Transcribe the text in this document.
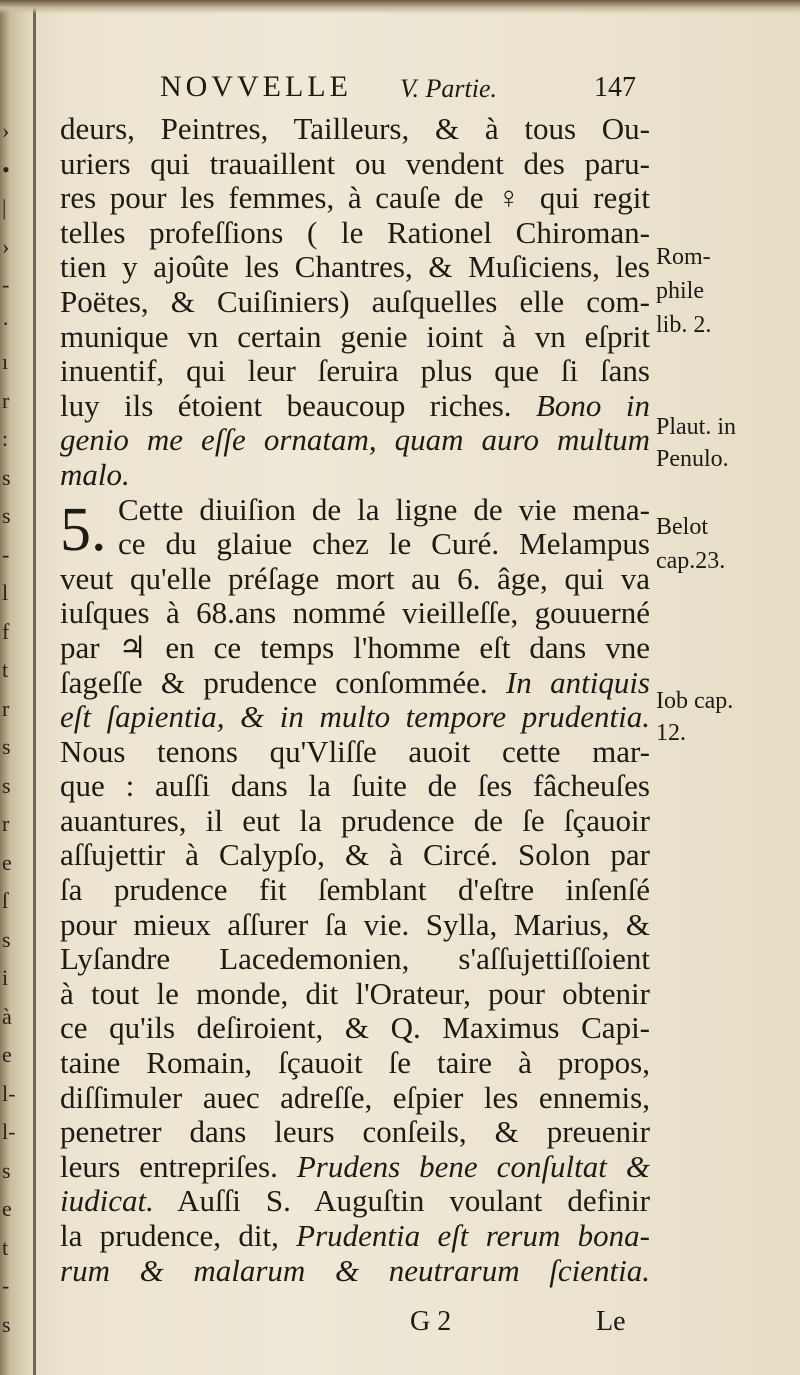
›
•
|
›
-
·
ı
r
:
s
s
-
l
f
t
r
s
s
r
e
ſ
s
i
à
e
l-
l-
s
e
t
-
s
NOVVELLE V. Partie.	147
deurs, Peintres, Tailleurs, & à tous Ou-
uriers qui trauaillent ou vendent des paru-
res pour les femmes, à cauſe de ♀ qui regit
telles profeſſions ( le Rationel Chiroman-
tien y ajoûte les Chantres, & Muſiciens, les
Poëtes, & Cuiſiniers) auſquelles elle com-
munique vn certain genie ioint à vn eſprit
inuentif, qui leur ſeruira plus que ſi ſans
luy ils étoient beaucoup riches. Bono in
genio me eſſe ornatam, quam auro multum
malo.
5. Cette diuiſion de la ligne de vie mena-
ce du glaiue chez le Curé. Melampus
veut qu'elle préſage mort au 6. âge, qui va
iuſques à 68.ans nommé vieilleſſe, gouuerné
par ♃ en ce temps l'homme eſt dans vne
ſageſſe & prudence conſommée. In antiquis
eſt ſapientia, & in multo tempore prudentia.
Nous tenons qu'Vliſſe auoit cette mar-
que : auſſi dans la ſuite de ſes fâcheuſes
auantures, il eut la prudence de ſe ſçauoir
aſſujettir à Calypſo, & à Circé. Solon par
ſa prudence fit ſemblant d'eſtre inſenſé
pour mieux aſſurer ſa vie. Sylla, Marius, &
Lyſandre Lacedemonien, s'aſſujettiſſoient
à tout le monde, dit l'Orateur, pour obtenir
ce qu'ils deſiroient, & Q. Maximus Capi-
taine Romain, ſçauoit ſe taire à propos,
diſſimuler auec adreſſe, eſpier les ennemis,
penetrer dans leurs conſeils, & preuenir
leurs entrepriſes. Prudens bene conſultat &
iudicat. Auſſi S. Auguſtin voulant definir
la prudence, dit, Prudentia eſt rerum bona-
rum & malarum & neutrarum ſcientia.
Rom-
phile
lib. 2.
Plaut. in
Penulo.
Belot
cap.23.
Iob cap.
12.
G 2	Le
